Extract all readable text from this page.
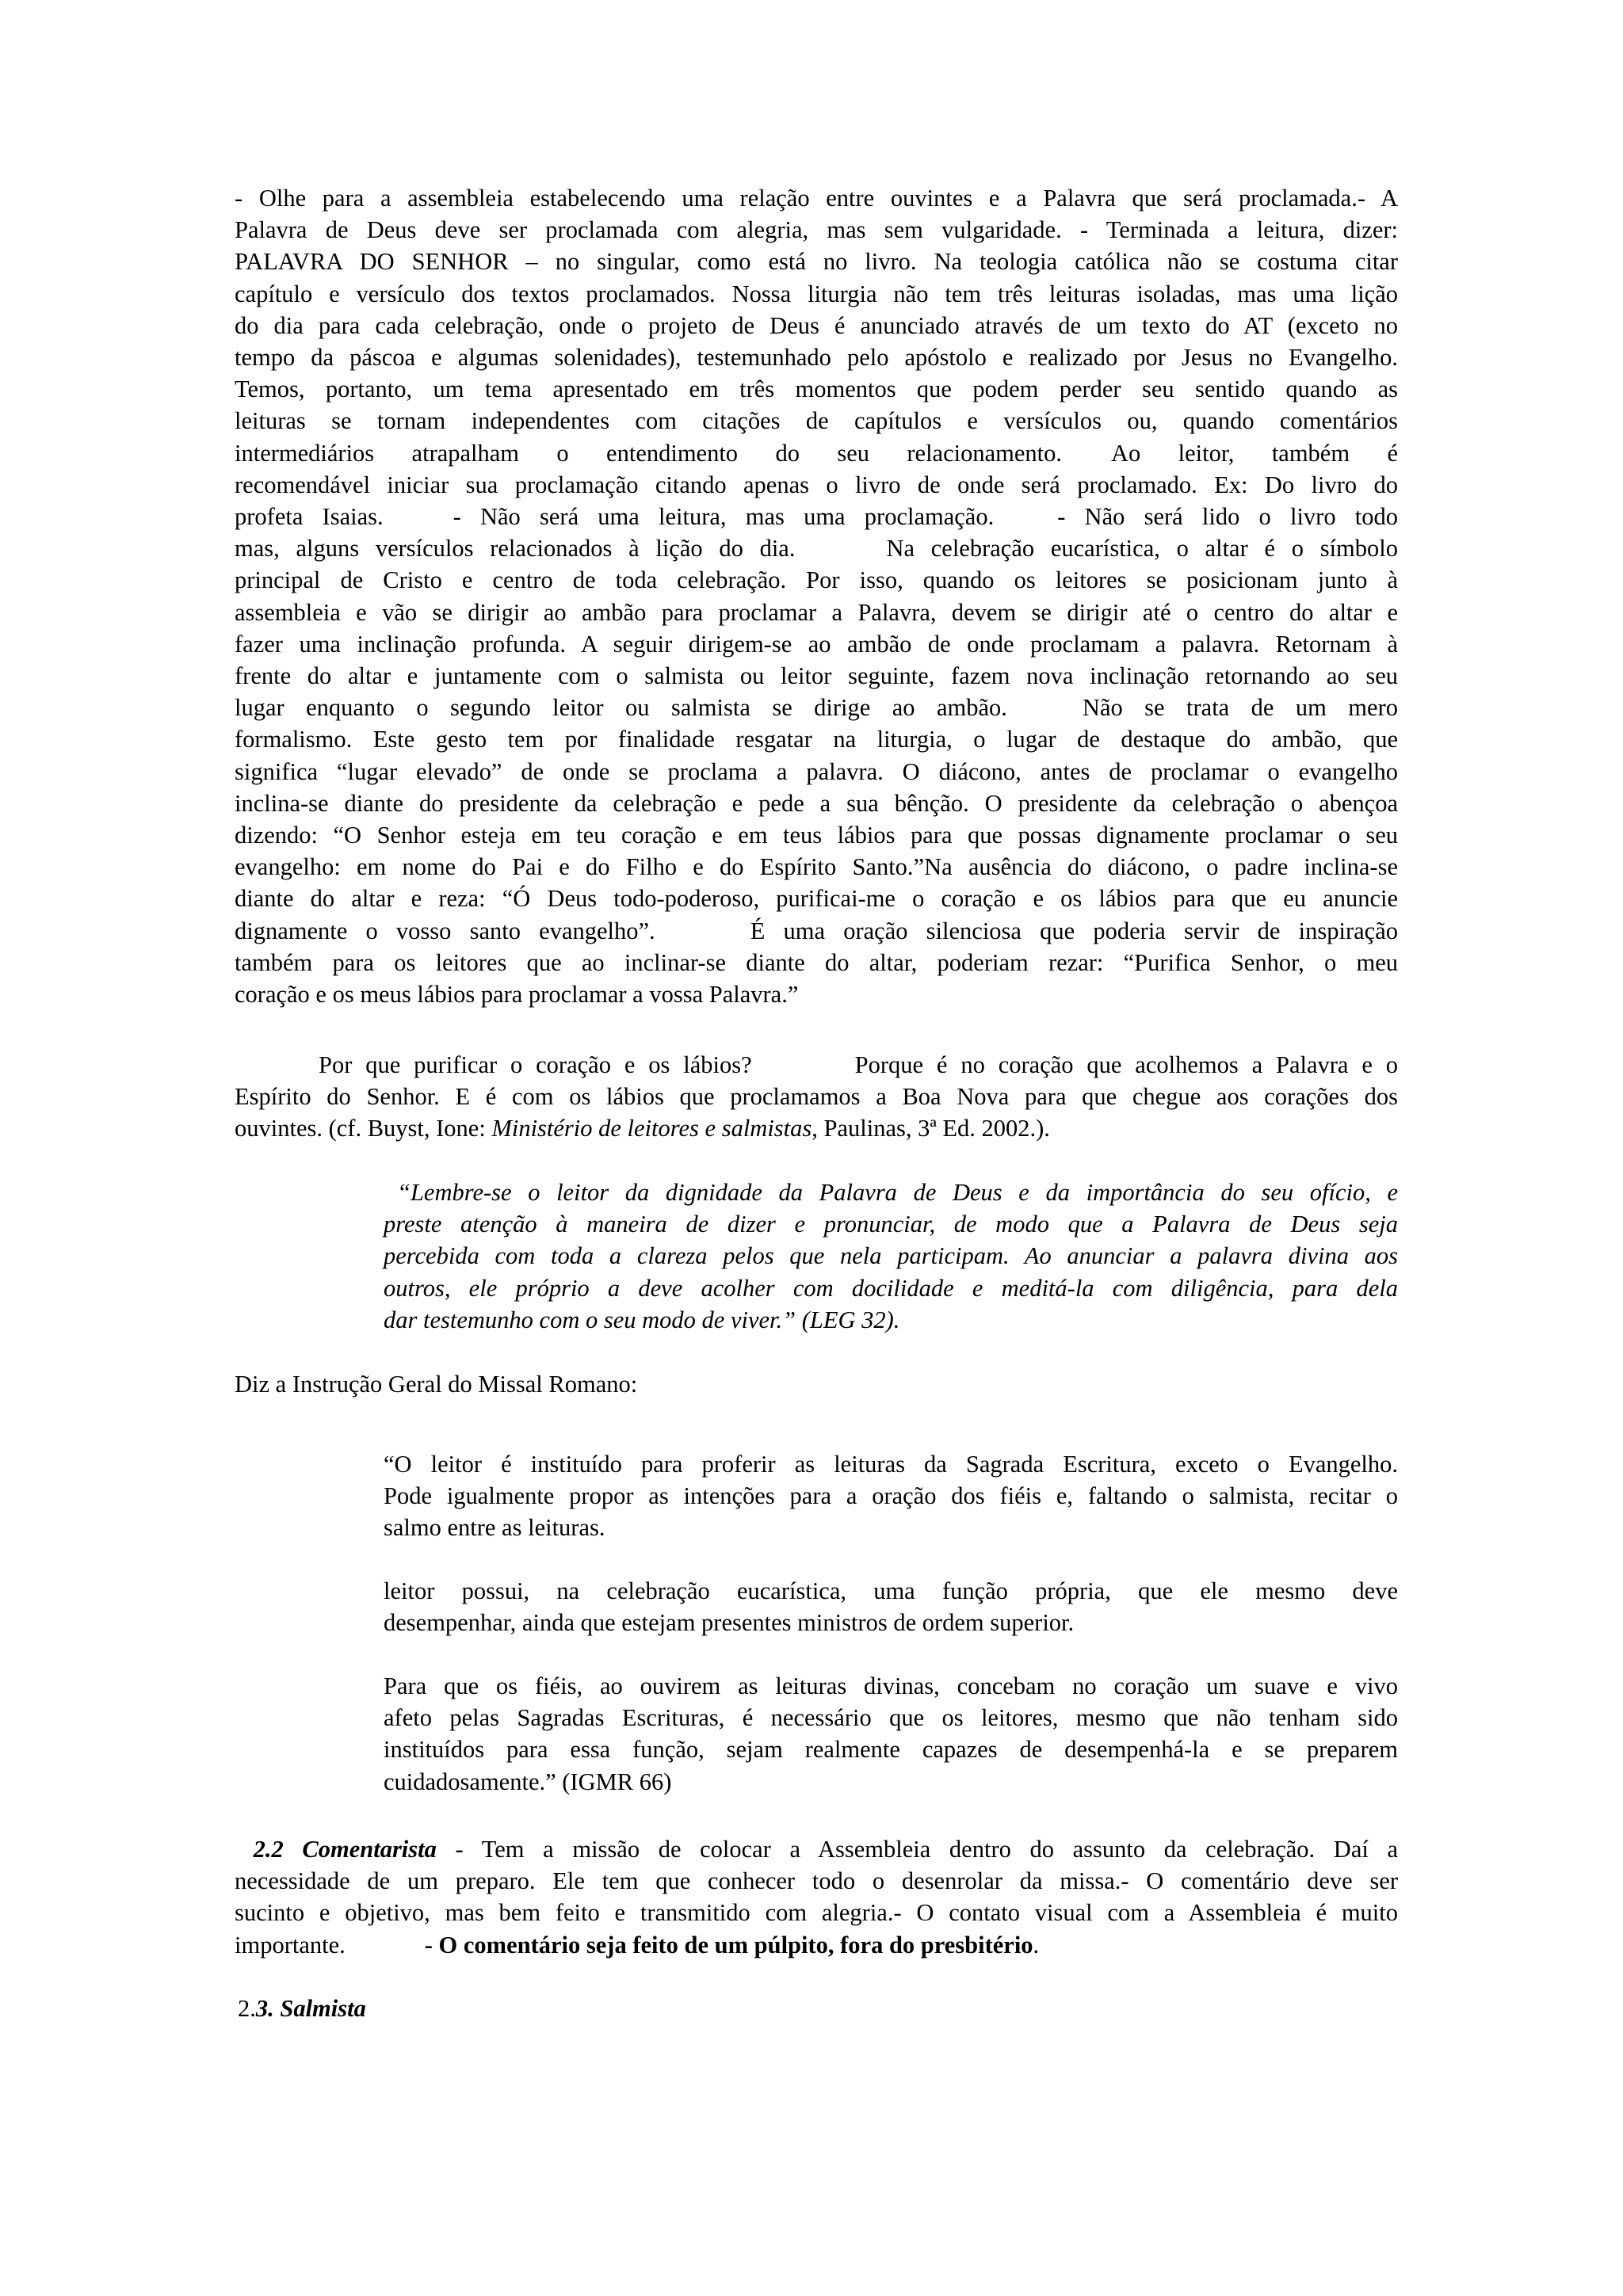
- Olhe para a assembleia estabelecendo uma relação entre ouvintes e a Palavra que será proclamada.- A
Palavra de Deus deve ser proclamada com alegria, mas sem vulgaridade. - Terminada a leitura, dizer:
PALAVRA DO SENHOR – no singular, como está no livro. Na teologia católica não se costuma citar
capítulo e versículo dos textos proclamados. Nossa liturgia não tem três leituras isoladas, mas uma lição
do dia para cada celebração, onde o projeto de Deus é anunciado através de um texto do AT (exceto no
tempo da páscoa e algumas solenidades), testemunhado pelo apóstolo e realizado por Jesus no Evangelho.
Temos, portanto, um tema apresentado em três momentos que podem perder seu sentido quando as
leituras se tornam independentes com citações de capítulos e versículos ou, quando comentários
intermediários atrapalham o entendimento do seu relacionamento. Ao leitor, também é
recomendável iniciar sua proclamação citando apenas o livro de onde será proclamado. Ex: Do livro do
profeta Isaias.	- Não será uma leitura, mas uma proclamação.	- Não será lido o livro todo
mas, alguns versículos relacionados à lição do dia.	Na celebração eucarística, o altar é o símbolo
principal de Cristo e centro de toda celebração. Por isso, quando os leitores se posicionam junto à
assembleia e vão se dirigir ao ambão para proclamar a Palavra, devem se dirigir até o centro do altar e
fazer uma inclinação profunda. A seguir dirigem-se ao ambão de onde proclamam a palavra. Retornam à
frente do altar e juntamente com o salmista ou leitor seguinte, fazem nova inclinação retornando ao seu
lugar enquanto o segundo leitor ou salmista se dirige ao ambão.	Não se trata de um mero
formalismo. Este gesto tem por finalidade resgatar na liturgia, o lugar de destaque do ambão, que
significa “lugar elevado” de onde se proclama a palavra. O diácono, antes de proclamar o evangelho
inclina-se diante do presidente da celebração e pede a sua bênção. O presidente da celebração o abençoa
dizendo: “O Senhor esteja em teu coração e em teus lábios para que possas dignamente proclamar o seu
evangelho: em nome do Pai e do Filho e do Espírito Santo.”Na ausência do diácono, o padre inclina-se
diante do altar e reza: “Ó Deus todo-poderoso, purificai-me o coração e os lábios para que eu anuncie
dignamente o vosso santo evangelho”.	É uma oração silenciosa que poderia servir de inspiração
também para os leitores que ao inclinar-se diante do altar, poderiam rezar: “Purifica Senhor, o meu
coração e os meus lábios para proclamar a vossa Palavra.”
Por que purificar o coração e os lábios?	Porque é no coração que acolhemos a Palavra e o
Espírito do Senhor. E é com os lábios que proclamamos a Boa Nova para que chegue aos corações dos
ouvintes. (cf. Buyst, Ione: Ministério de leitores e salmistas, Paulinas, 3ª Ed. 2002.).
“Lembre-se o leitor da dignidade da Palavra de Deus e da importância do seu ofício, e
preste atenção à maneira de dizer e pronunciar, de modo que a Palavra de Deus seja
percebida com toda a clareza pelos que nela participam. Ao anunciar a palavra divina aos
outros, ele próprio a deve acolher com docilidade e meditá-la com diligência, para dela
dar testemunho com o seu modo de viver.” (LEG 32).
Diz a Instrução Geral do Missal Romano:
“O leitor é instituído para proferir as leituras da Sagrada Escritura, exceto o Evangelho.
Pode igualmente propor as intenções para a oração dos fiéis e, faltando o salmista, recitar o
salmo entre as leituras.
leitor possui, na celebração eucarística, uma função própria, que ele mesmo deve
desempenhar, ainda que estejam presentes ministros de ordem superior.
Para que os fiéis, ao ouvirem as leituras divinas, concebam no coração um suave e vivo
afeto pelas Sagradas Escrituras, é necessário que os leitores, mesmo que não tenham sido
instituídos para essa função, sejam realmente capazes de desempenhá-la e se preparem
cuidadosamente.” (IGMR 66)
2.2 Comentarista - Tem a missão de colocar a Assembleia dentro do assunto da celebração. Daí a
necessidade de um preparo. Ele tem que conhecer todo o desenrolar da missa.- O comentário deve ser
sucinto e objetivo, mas bem feito e transmitido com alegria.- O contato visual com a Assembleia é muito
importante.	- O comentário seja feito de um púlpito, fora do presbitério.
2.3. Salmista
